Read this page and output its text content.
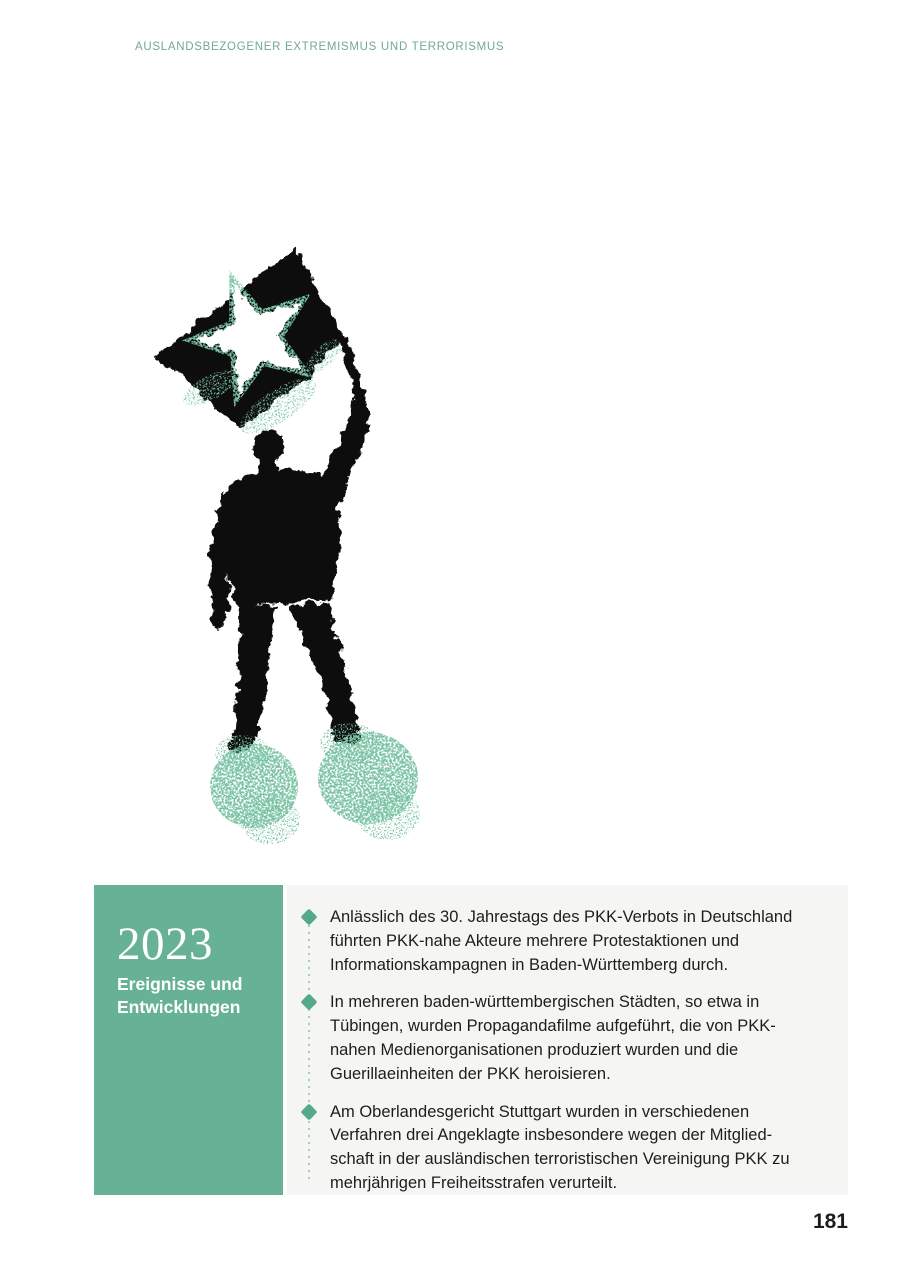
AUSLANDSBEZOGENER EXTREMISMUS UND TERRORISMUS
2023
Ereignisse und
Entwicklungen
Anlässlich des 30. Jahrestags des PKK-Verbots in Deutschland führten PKK-nahe Akteure mehrere Protestaktionen und Informationskampagnen in Baden-Württemberg durch.
In mehreren baden-württembergischen Städten, so etwa in Tübingen, wurden Propagandafilme aufgeführt, die von PKK-nahen Medienorganisationen produziert wurden und die Guerillaeinheiten der PKK heroisieren.
Am Oberlandesgericht Stuttgart wurden in verschiedenen Verfahren drei Angeklagte insbesondere wegen der Mitgliedschaft in der ausländischen terroristischen Vereinigung PKK zu mehrjährigen Freiheitsstrafen verurteilt.
181
